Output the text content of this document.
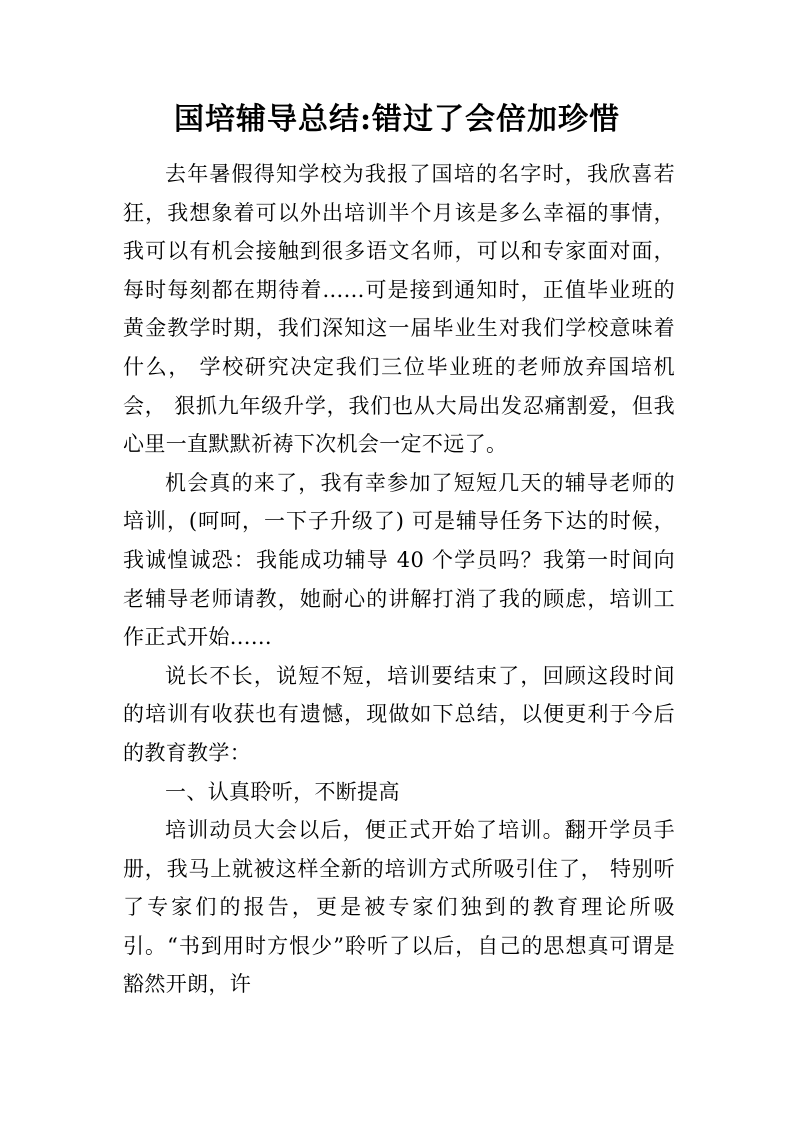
国培辅导总结:错过了会倍加珍惜

去年暑假得知学校为我报了国培的名字时，我欣喜若狂，我想象着可以外出培训半个月该是多么幸福的事情， 我可以有机会接触到很多语文名师，可以和专家面对面，每时每刻都在期待着......可是接到通知时，正值毕业班的黄金教学时期，我们深知这一届毕业生对我们学校意味着什么， 学校研究决定我们三位毕业班的老师放弃国培机会， 狠抓九年级升学，我们也从大局出发忍痛割爱，但我心里一直默默祈祷下次机会一定不远了。

机会真的来了，我有幸参加了短短几天的辅导老师的培训，(呵呵，一下子升级了) 可是辅导任务下达的时候，我诚惶诚恐：我能成功辅导 40 个学员吗？我第一时间向老辅导老师请教，她耐心的讲解打消了我的顾虑，培训工作正式开始......

说长不长，说短不短，培训要结束了，回顾这段时间的培训有收获也有遗憾，现做如下总结，以便更利于今后的教育教学：

一、认真聆听，不断提高

培训动员大会以后，便正式开始了培训。翻开学员手册，我马上就被这样全新的培训方式所吸引住了， 特别听了专家们的报告，更是被专家们独到的教育理论所吸引。“书到用时方恨少”聆听了以后，自己的思想真可谓是豁然开朗，许
